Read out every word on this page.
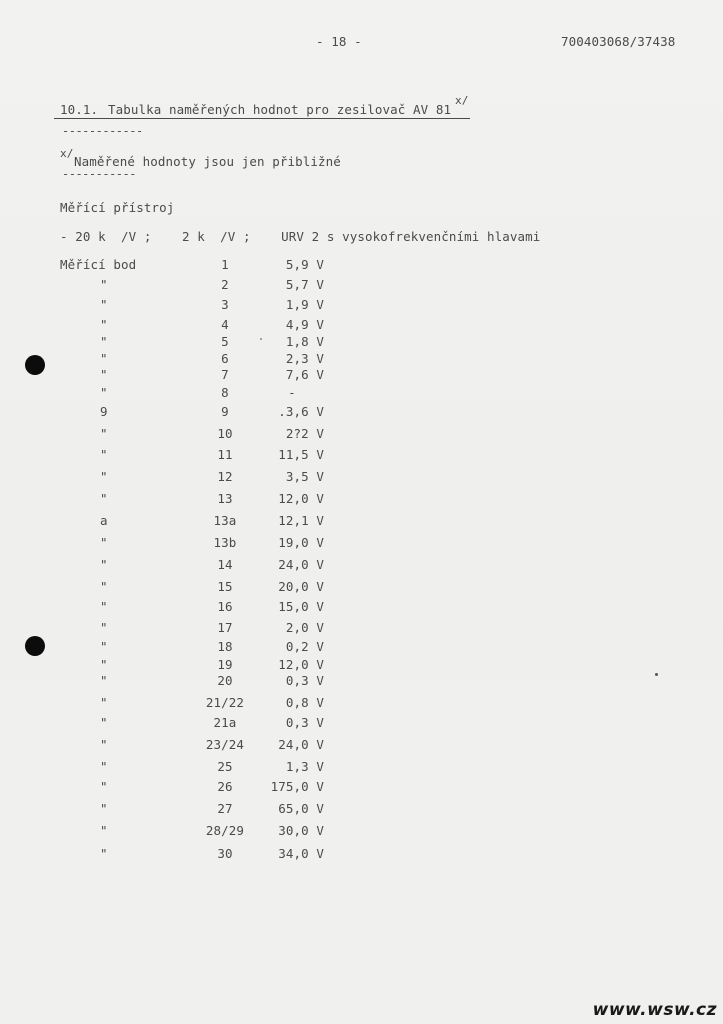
- 18 -	700403068/37438
10.1. Tabulka naměřených hodnot pro zesilovač AV 81
x/
------------
x/
Naměřené hodnoty jsou jen přibližné
-----------
Měřící přístroj
- 20 k  /V ;    2 k  /V ;    URV 2 s vysokofrekvenčními hlavami
Měřící bod	1	5,9 V
"	2	5,7 V
"	3	1,9 V
"	4	4,9 V
"	5	1,8 V
"	6	2,3 V
"	7	7,6 V
"	8	-
9	9	.3,6 V
"	10	2?2 V
"	11	11,5 V
"	12	3,5 V
"	13	12,0 V
a	13a	12,1 V
"	13b	19,0 V
"	14	24,0 V
"	15	20,0 V
"	16	15,0 V
"	17	2,0 V
"	18	0,2 V
"	19	12,0 V
"	20	0,3 V
"	21/22	0,8 V
"	21a	0,3 V
"	23/24	24,0 V
"	25	1,3 V
"	26	175,0 V
"	27	65,0 V
"	28/29	30,0 V
"	30	34,0 V
www.wsw.cz
